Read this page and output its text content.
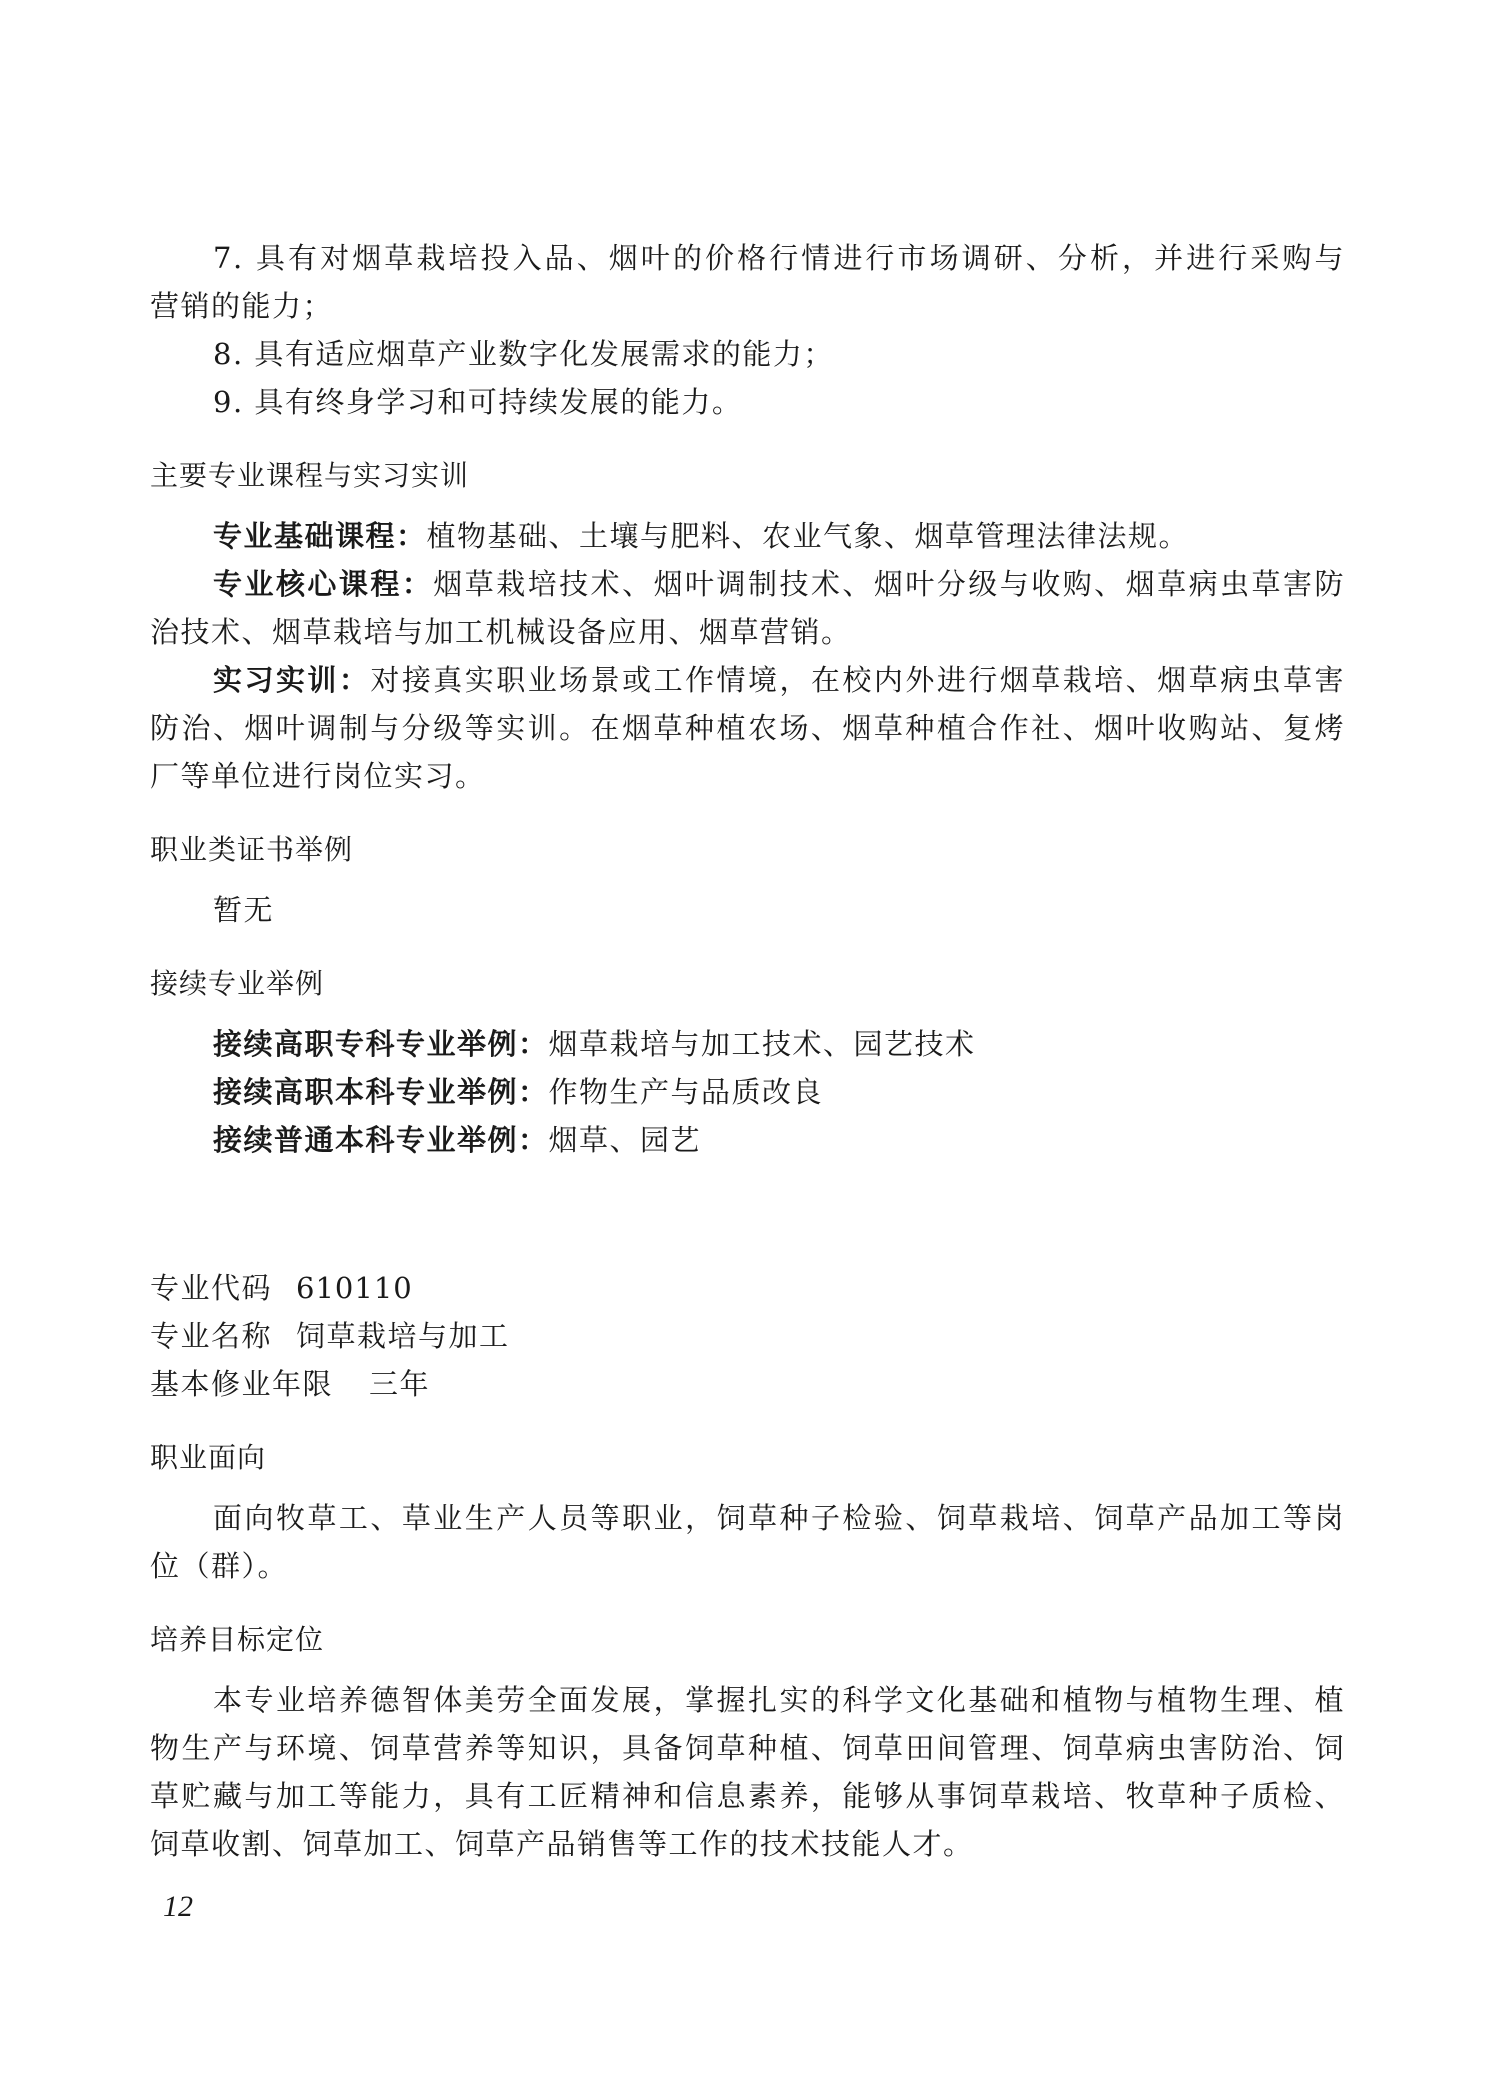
7. 具有对烟草栽培投入品、烟叶的价格行情进行市场调研、分析，并进行采购与
营销的能力；
8. 具有适应烟草产业数字化发展需求的能力；
9. 具有终身学习和可持续发展的能力。
主要专业课程与实习实训
专业基础课程：植物基础、土壤与肥料、农业气象、烟草管理法律法规。
专业核心课程：烟草栽培技术、烟叶调制技术、烟叶分级与收购、烟草病虫草害防
治技术、烟草栽培与加工机械设备应用、烟草营销。
实习实训：对接真实职业场景或工作情境，在校内外进行烟草栽培、烟草病虫草害
防治、烟叶调制与分级等实训。在烟草种植农场、烟草种植合作社、烟叶收购站、复烤
厂等单位进行岗位实习。
职业类证书举例
暂无
接续专业举例
接续高职专科专业举例：烟草栽培与加工技术、园艺技术
接续高职本科专业举例：作物生产与品质改良
接续普通本科专业举例：烟草、园艺
专业代码 610110
专业名称 饲草栽培与加工
基本修业年限 三年
职业面向
面向牧草工、草业生产人员等职业，饲草种子检验、饲草栽培、饲草产品加工等岗
位（群）。
培养目标定位
本专业培养德智体美劳全面发展，掌握扎实的科学文化基础和植物与植物生理、植
物生产与环境、饲草营养等知识，具备饲草种植、饲草田间管理、饲草病虫害防治、饲
草贮藏与加工等能力，具有工匠精神和信息素养，能够从事饲草栽培、牧草种子质检、
饲草收割、饲草加工、饲草产品销售等工作的技术技能人才。
12
